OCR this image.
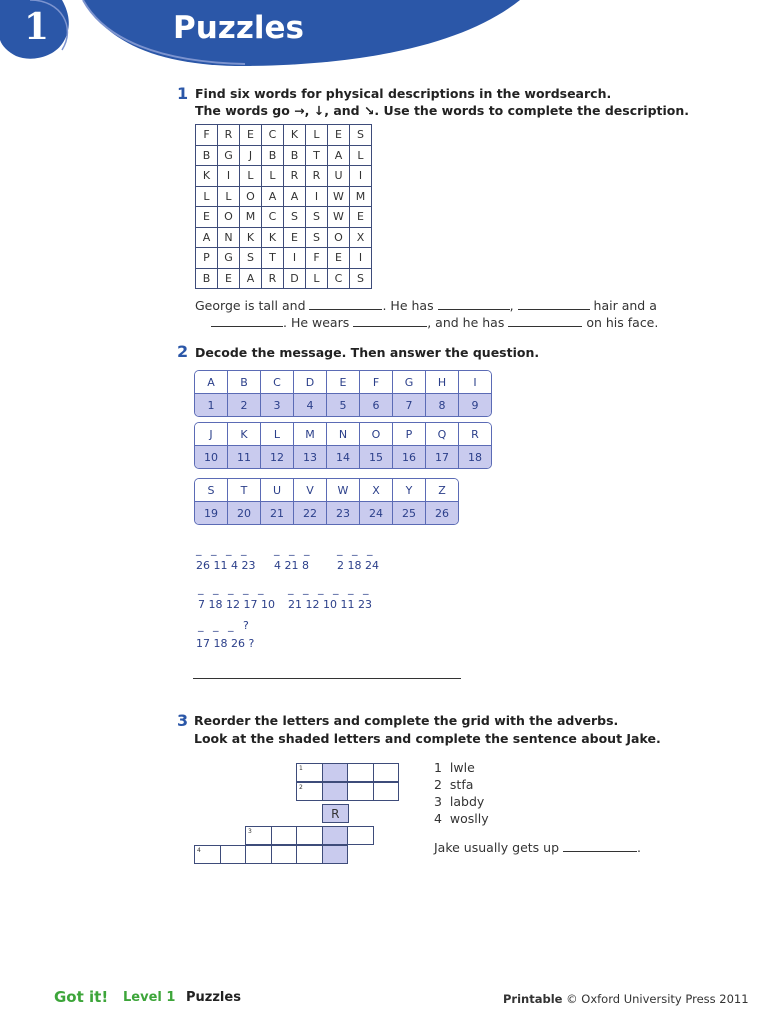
1	Puzzles
1 Find six words for physical descriptions in the wordsearch.
The words go →, ↓, and ↘. Use the words to complete the description.
F	R	E	C	K	L	E	S
B	G	J	B	B	T	A	L
K	I	L	L	R	R	U	I
L	L	O	A	A	I	W	M
E	O	M	C	S	S	W	E
A	N	K	K	E	S	O	X
P	G	S	T	I	F	E	I
B	E	A	R	D	L	C	S
George is tall and	. He has	,	hair and a
. He wears	, and he has	on his face.
2 Decode the message. Then answer the question.
A	B	C	D	E	F	G	H	I
1	2	3	4	5	6	7	8	9
J	K	L	M	N	O	P	Q	R
10	11	12	13	14	15	16	17	18
S	T	U	V	W	X	Y	Z
19	20	21	22	23	24	25	26
_ _ _ _
26 11 4 23
_ _ _
4 21 8
_ _ _
2 18 24
_ _ _ _ _
7 18 12 17 10
_ _ _ _ _ _
21 12 10 11 23
_ _ _ ?
17 18 26 ?
3 Reorder the letters and complete the grid with the adverbs.
Look at the shaded letters and complete the sentence about Jake.
1
2
3
4
R
1 lwle
2 stfa
3 labdy
4 woslly
Jake usually gets up	.
Got it! Level 1 Puzzles	Printable © Oxford University Press 2011
